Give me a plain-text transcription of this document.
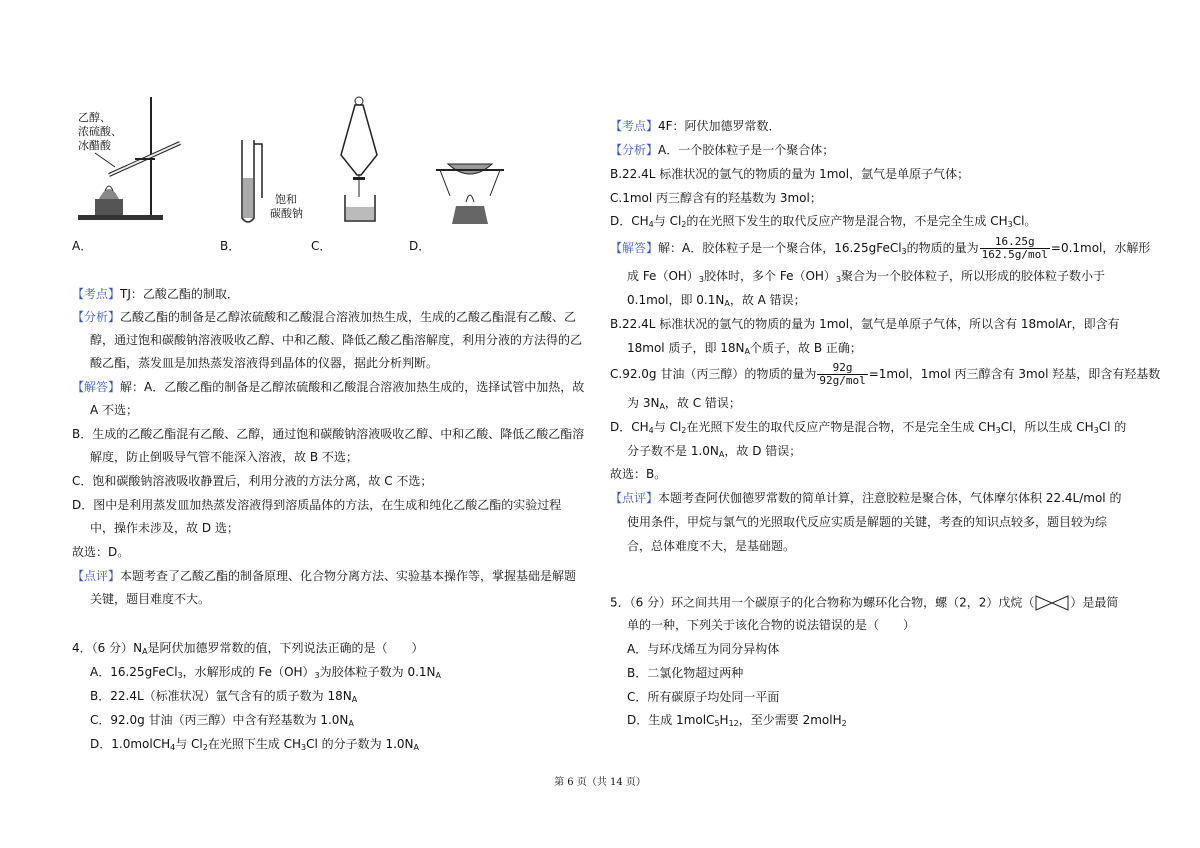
乙醇、
浓硫酸、
冰醋酸
饱和
碳酸钠
A．	B．	C．	D．
【考点】TJ：乙酸乙酯的制取．
【分析】乙酸乙酯的制备是乙醇浓硫酸和乙酸混合溶液加热生成，生成的乙酸乙酯混有乙酸、乙
醇，通过饱和碳酸钠溶液吸收乙醇、中和乙酸、降低乙酸乙酯溶解度，利用分液的方法得的乙
酸乙酯，蒸发皿是加热蒸发溶液得到晶体的仪器，据此分析判断。
【解答】解：A．乙酸乙酯的制备是乙醇浓硫酸和乙酸混合溶液加热生成的，选择试管中加热，故
A 不选；
B．生成的乙酸乙酯混有乙酸、乙醇，通过饱和碳酸钠溶液吸收乙醇、中和乙酸、降低乙酸乙酯溶
解度，防止倒吸导气管不能深入溶液，故 B 不选；
C．饱和碳酸钠溶液吸收静置后，利用分液的方法分离，故 C 不选；
D．图中是利用蒸发皿加热蒸发溶液得到溶质晶体的方法，在生成和纯化乙酸乙酯的实验过程
中，操作未涉及，故 D 选；
故选：D。
【点评】本题考查了乙酸乙酯的制备原理、化合物分离方法、实验基本操作等，掌握基础是解题
关键，题目难度不大。
4．（6 分）$N_A$是阿伏加德罗常数的值，下列说法正确的是（　　）
A．16.25gFeCl$_3$，水解形成的 $Fe(OH)_3$为胶体粒子数为 $0.1N_A$
B．22.4L（标准状况）氩气含有的质子数为 $18N_A$
C．92.0g 甘油（丙三醇）中含有羟基数为 $1.0N_A$
D．1.0molCH$_4$与 $Cl_2$在光照下生成 $CH_3Cl$ 的分子数为 $1.0N_A$
【考点】4F：阿伏加德罗常数．
【分析】A．一个胶体粒子是一个聚合体；
B.22.4L 标准状况的氩气的物质的量为 1mol，氩气是单原子气体；
C.1mol 丙三醇含有的羟基数为 3mol；
D．$CH_4$与 $Cl_2$的在光照下发生的取代反应产物是混合物，不是完全生成 $CH_3Cl$。
【解答】解：A．胶体粒子是一个聚合体，16.25gFeCl$_3$的物质的量为 $\frac{16.25g}{\text{162.5g/mol}} =0.1mol$，水解形
成 $Fe(OH)_3$胶体时，多个 $Fe(OH)_3$聚合为一个胶体粒子，所以形成的胶体粒子数小于
0.1mol，即 $0.1N_A$，故 A 错误；
B.22.4L 标准状况的氩气的物质的量为 1mol，氩气是单原子气体，所以含有 18molAr，即含有
18mol 质子，即 $18N_A$个质子，故 B 正确；
C.92.0g 甘油（丙三醇）的物质的量为 $\frac{92g}{\text{92g/mol}} =1mol$，1mol 丙三醇含有 3mol 羟基，即含有羟基数
为 $3N_A$，故 C 错误；
D．$CH_4$与 $Cl_2$在光照下发生的取代反应产物是混合物，不是完全生成 $CH_3Cl$，所以生成 $CH_3Cl$ 的
分子数不是 $1.0N_A$，故 D 错误；
故选：B。
【点评】本题考查阿伏伽德罗常数的简单计算，注意胶粒是聚合体，气体摩尔体积 22.4L/mol 的
使用条件，甲烷与氯气的光照取代反应实质是解题的关键，考查的知识点较多，题目较为综
合，总体难度不大，是基础题。
5．（6 分）环之间共用一个碳原子的化合物称为螺环化合物，螺（2，2）戊烷（	）是最简
单的一种，下列关于该化合物的说法错误的是（　　）
A．与环戊烯互为同分异构体
B．二氯化物超过两种
C．所有碳原子均处同一平面
D．生成 $1molC_5H_{12}$，至少需要 2molH$_2$
第 6 页（共 14 页）
